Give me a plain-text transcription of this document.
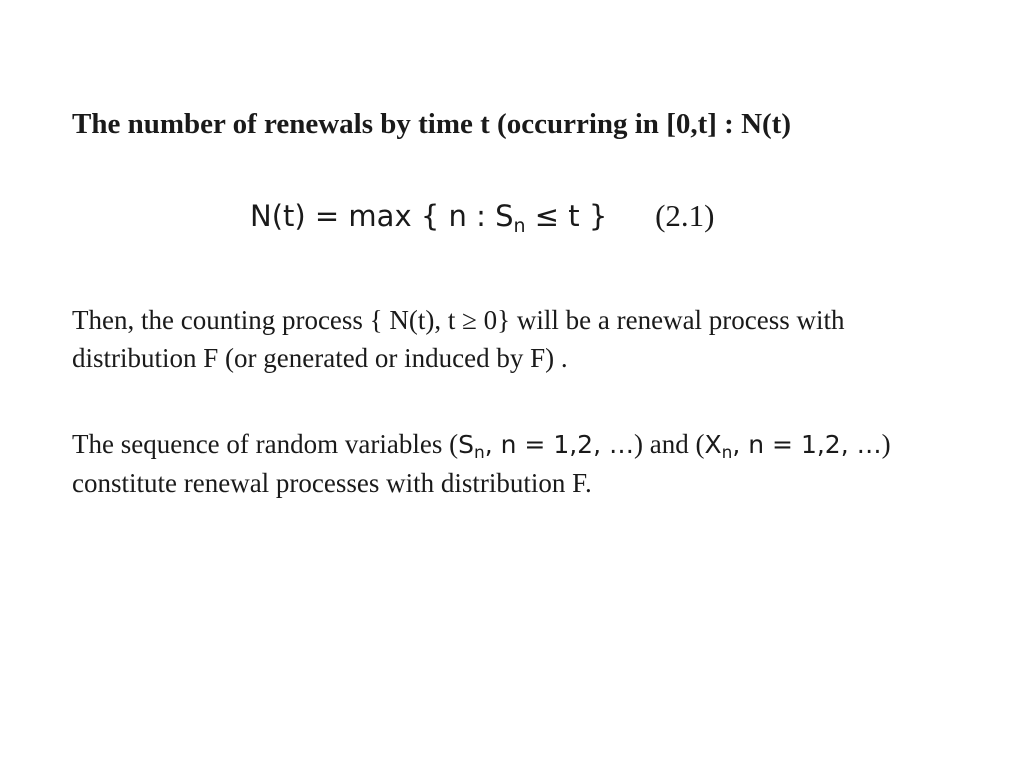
The number of renewals by time t (occurring in [0,t] : N(t)
N(t) = max { n : $S_n \le t$ } (2.1)
Then, the counting process { N(t), t ≥ 0} will be a renewal process with
distribution F (or generated or induced by F) .
The sequence of random variables ($S_n$, n = 1,2, …) and ($X_n$, n = 1,2, …)
constitute renewal processes with distribution F.
